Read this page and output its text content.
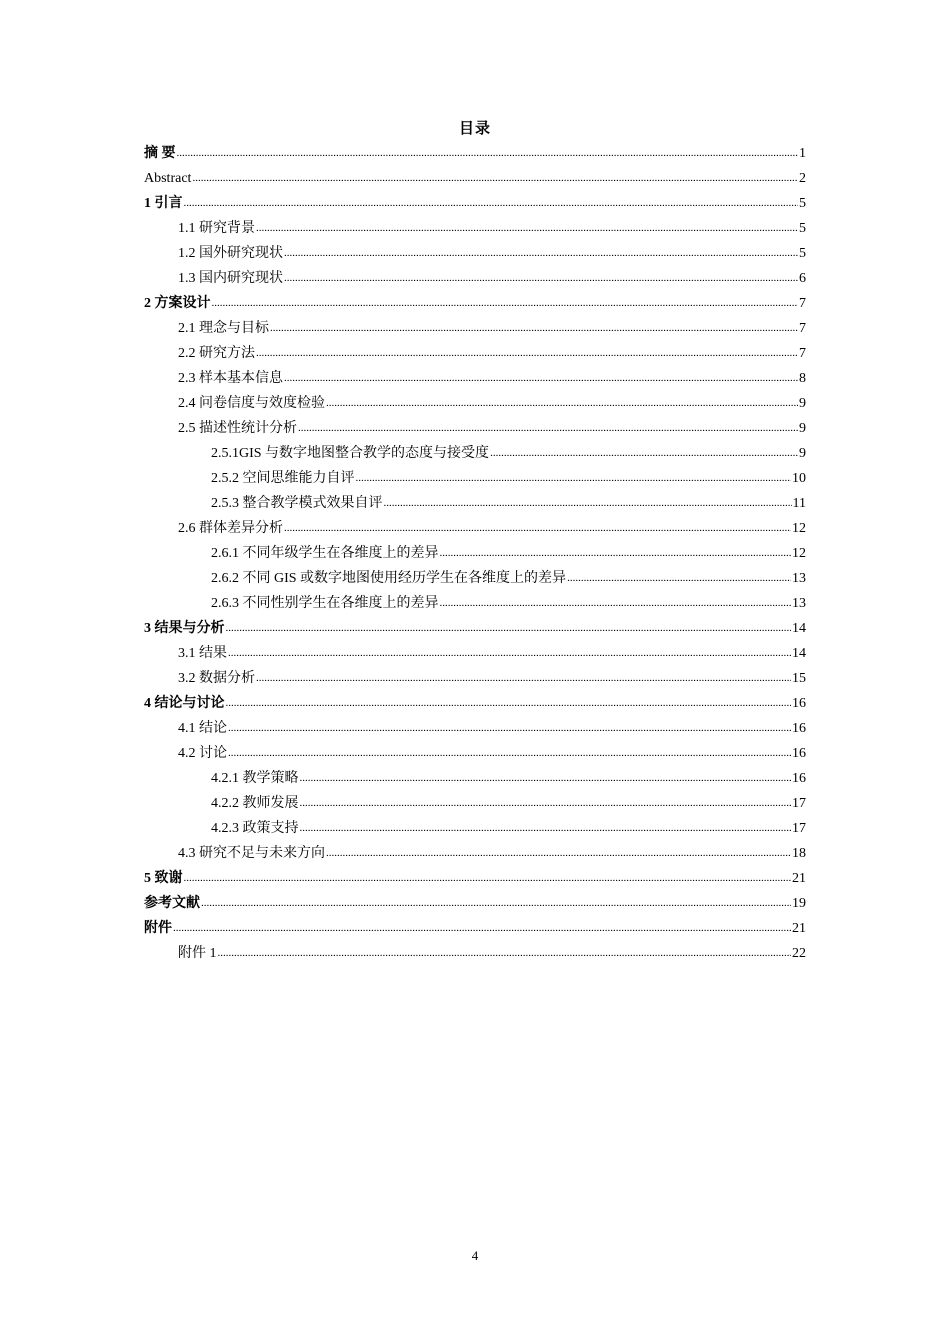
目录
摘 要 .....	1
Abstract .....	2
1 引言 .....	5
1.1 研究背景 .....	5
1.2 国外研究现状 .....	5
1.3 国内研究现状 .....	6
2 方案设计 .....	7
2.1 理念与目标 .....	7
2.2 研究方法 .....	7
2.3 样本基本信息 .....	8
2.4 问卷信度与效度检验 .....	9
2.5 描述性统计分析 .....	9
2.5.1GIS 与数字地图整合教学的态度与接受度 .....	9
2.5.2 空间思维能力自评 .....	10
2.5.3 整合教学模式效果自评 .....	11
2.6 群体差异分析 .....	12
2.6.1 不同年级学生在各维度上的差异 .....	12
2.6.2 不同 GIS 或数字地图使用经历学生在各维度上的差异 .....	13
2.6.3 不同性别学生在各维度上的差异 .....	13
3 结果与分析 .....	14
3.1 结果 .....	14
3.2 数据分析 .....	15
4 结论与讨论 .....	16
4.1 结论 .....	16
4.2 讨论 .....	16
4.2.1 教学策略 .....	16
4.2.2 教师发展 .....	17
4.2.3 政策支持 .....	17
4.3 研究不足与未来方向 .....	18
5 致谢 .....	21
参考文献 .....	19
附件 .....	21
附件 1 .....	22
4
